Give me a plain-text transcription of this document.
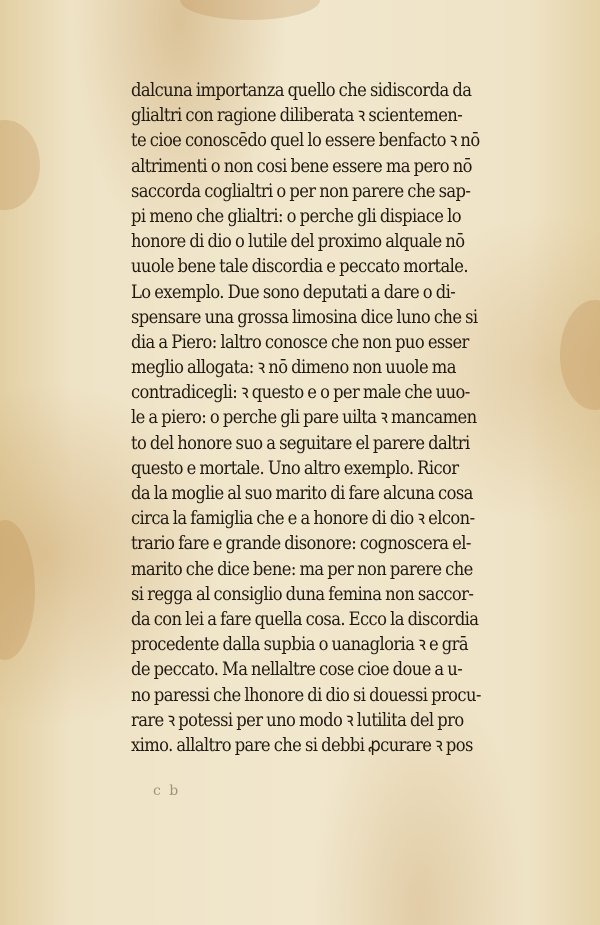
dalcuna importanza quello che sidiscorda da
glialtri con ragione diliberata ꝛ scientemen-
te cioe conoscēdo quel lo essere benfacto ꝛ nō
altrimenti o non cosi bene essere ma pero nō
saccorda coglialtri o per non parere che sap-
pi meno che glialtri: o perche gli dispiace lo
honore di dio o lutile del proximo alquale nō
uuole bene tale discordia e peccato mortale.
Lo exemplo. Due sono deputati a dare o di-
spensare una grossa limosina dice luno che si
dia a Piero: laltro conosce che non puo esser
meglio allogata: ꝛ nō dimeno non uuole ma
contradicegli: ꝛ questo e o per male che uuo-
le a piero: o perche gli pare uilta ꝛ mancamen
to del honore suo a seguitare el parere daltri
questo e mortale. Uno altro exemplo. Ricor
da la moglie al suo marito di fare alcuna cosa
circa la famiglia che e a honore di dio ꝛ elcon-
trario fare e grande disonore: cognoscera el-
marito che dice bene: ma per non parere che
si regga al consiglio duna femina non saccor-
da con lei a fare quella cosa. Ecco la discordia
procedente dalla supbia o uanagloria ꝛ e grā
de peccato. Ma nellaltre cose cioe doue a u-
no paressi che lhonore di dio si douessi procu-
rare ꝛ potessi per uno modo ꝛ lutilita del pro
ximo. allaltro pare che si debbi ꝓcurare ꝛ pos
c b
